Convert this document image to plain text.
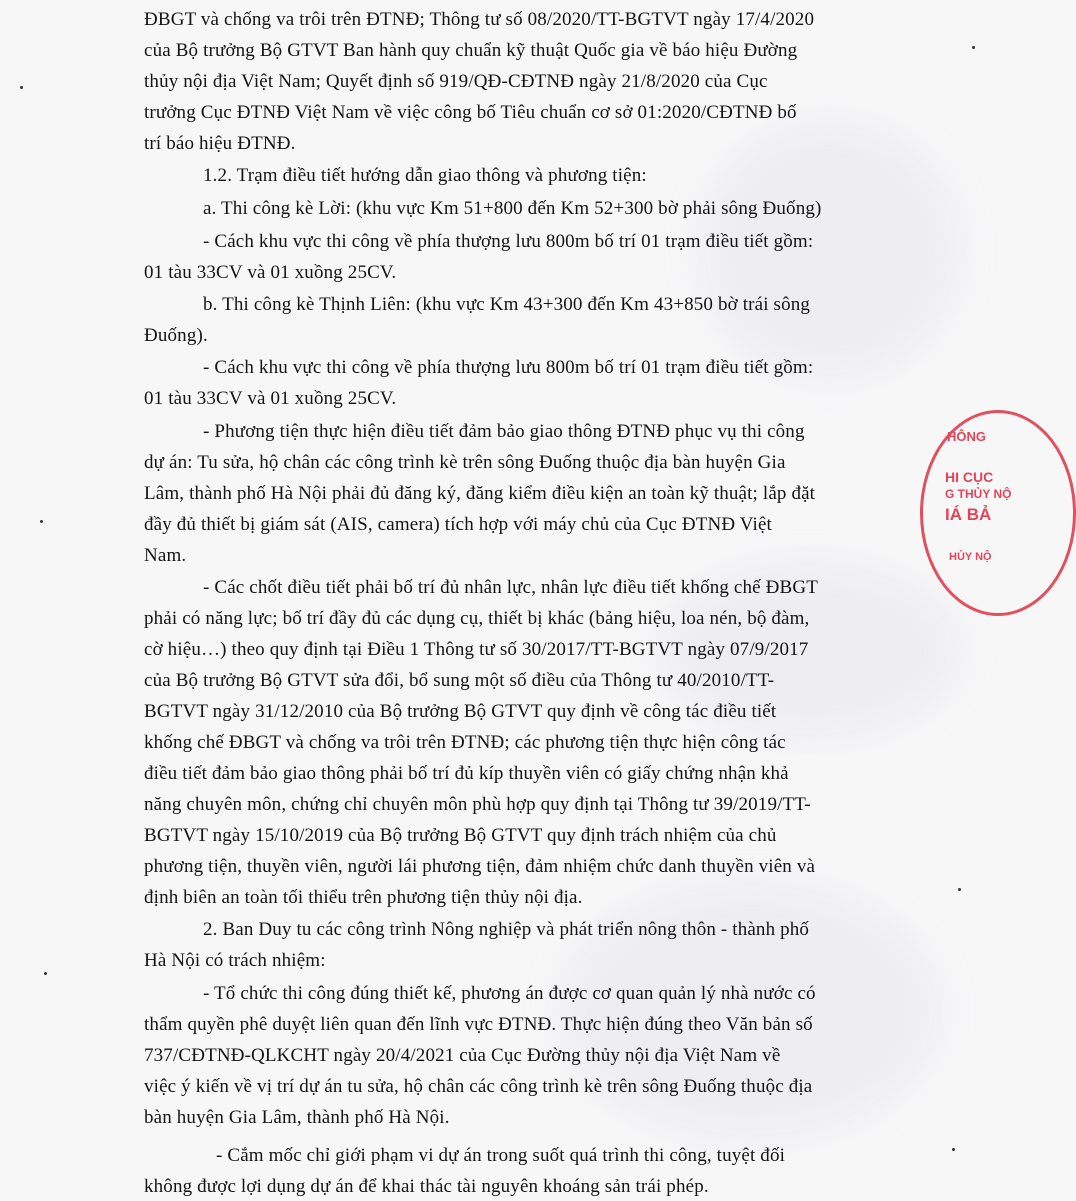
ĐBGT và chống va trôi trên ĐTNĐ; Thông tư số 08/2020/TT-BGTVT ngày 17/4/2020

của Bộ trưởng Bộ GTVT Ban hành quy chuẩn kỹ thuật Quốc gia về báo hiệu Đường

thủy nội địa Việt Nam; Quyết định số 919/QĐ-CĐTNĐ ngày 21/8/2020 của Cục

trưởng Cục ĐTNĐ Việt Nam về việc công bố Tiêu chuẩn cơ sở 01:2020/CĐTNĐ bố

trí báo hiệu ĐTNĐ.

1.2. Trạm điều tiết hướng dẫn giao thông và phương tiện:

a. Thi công kè Lời: (khu vực Km 51+800 đến Km 52+300 bờ phải sông Đuống)

- Cách khu vực thi công về phía thượng lưu 800m bố trí 01 trạm điều tiết gồm:

01 tàu 33CV và 01 xuồng 25CV.

b. Thi công kè Thịnh Liên: (khu vực Km 43+300 đến Km 43+850 bờ trái sông

Đuống).

- Cách khu vực thi công về phía thượng lưu 800m bố trí 01 trạm điều tiết gồm:

01 tàu 33CV và 01 xuồng 25CV.

- Phương tiện thực hiện điều tiết đảm bảo giao thông ĐTNĐ phục vụ thi công

dự án: Tu sửa, hộ chân các công trình kè trên sông Đuống thuộc địa bàn huyện Gia

Lâm, thành phố Hà Nội phải đủ đăng ký, đăng kiểm điều kiện an toàn kỹ thuật; lắp đặt

đầy đủ thiết bị giám sát (AIS, camera) tích hợp với máy chủ của Cục ĐTNĐ Việt

Nam.

- Các chốt điều tiết phải bố trí đủ nhân lực, nhân lực điều tiết khống chế ĐBGT

phải có năng lực; bố trí đầy đủ các dụng cụ, thiết bị khác (bảng hiệu, loa nén, bộ đàm,

cờ hiệu…) theo quy định tại Điều 1 Thông tư số 30/2017/TT-BGTVT ngày 07/9/2017

của Bộ trưởng Bộ GTVT sửa đổi, bổ sung một số điều của Thông tư 40/2010/TT-

BGTVT ngày 31/12/2010 của Bộ trưởng Bộ GTVT quy định về công tác điều tiết

khống chế ĐBGT và chống va trôi trên ĐTNĐ; các phương tiện thực hiện công tác

điều tiết đảm bảo giao thông phải bố trí đủ kíp thuyền viên có giấy chứng nhận khả

năng chuyên môn, chứng chỉ chuyên môn phù hợp quy định tại Thông tư 39/2019/TT-

BGTVT ngày 15/10/2019 của Bộ trưởng Bộ GTVT quy định trách nhiệm của chủ

phương tiện, thuyền viên, người lái phương tiện, đảm nhiệm chức danh thuyền viên và

định biên an toàn tối thiểu trên phương tiện thủy nội địa.

2. Ban Duy tu các công trình Nông nghiệp và phát triển nông thôn - thành phố

Hà Nội có trách nhiệm:

- Tổ chức thi công đúng thiết kế, phương án được cơ quan quản lý nhà nước có

thẩm quyền phê duyệt liên quan đến lĩnh vực ĐTNĐ. Thực hiện đúng theo Văn bản số

737/CĐTNĐ-QLKCHT ngày 20/4/2021 của Cục Đường thủy nội địa Việt Nam về

việc ý kiến về vị trí dự án tu sửa, hộ chân các công trình kè trên sông Đuống thuộc địa

bàn huyện Gia Lâm, thành phố Hà Nội.

- Cắm mốc chỉ giới phạm vi dự án trong suốt quá trình thi công, tuyệt đối

không được lợi dụng dự án để khai thác tài nguyên khoáng sản trái phép.

HÔNG
HI CỤC
G THỦY NỘ
IÁ BẢ
HỦY NỘ
